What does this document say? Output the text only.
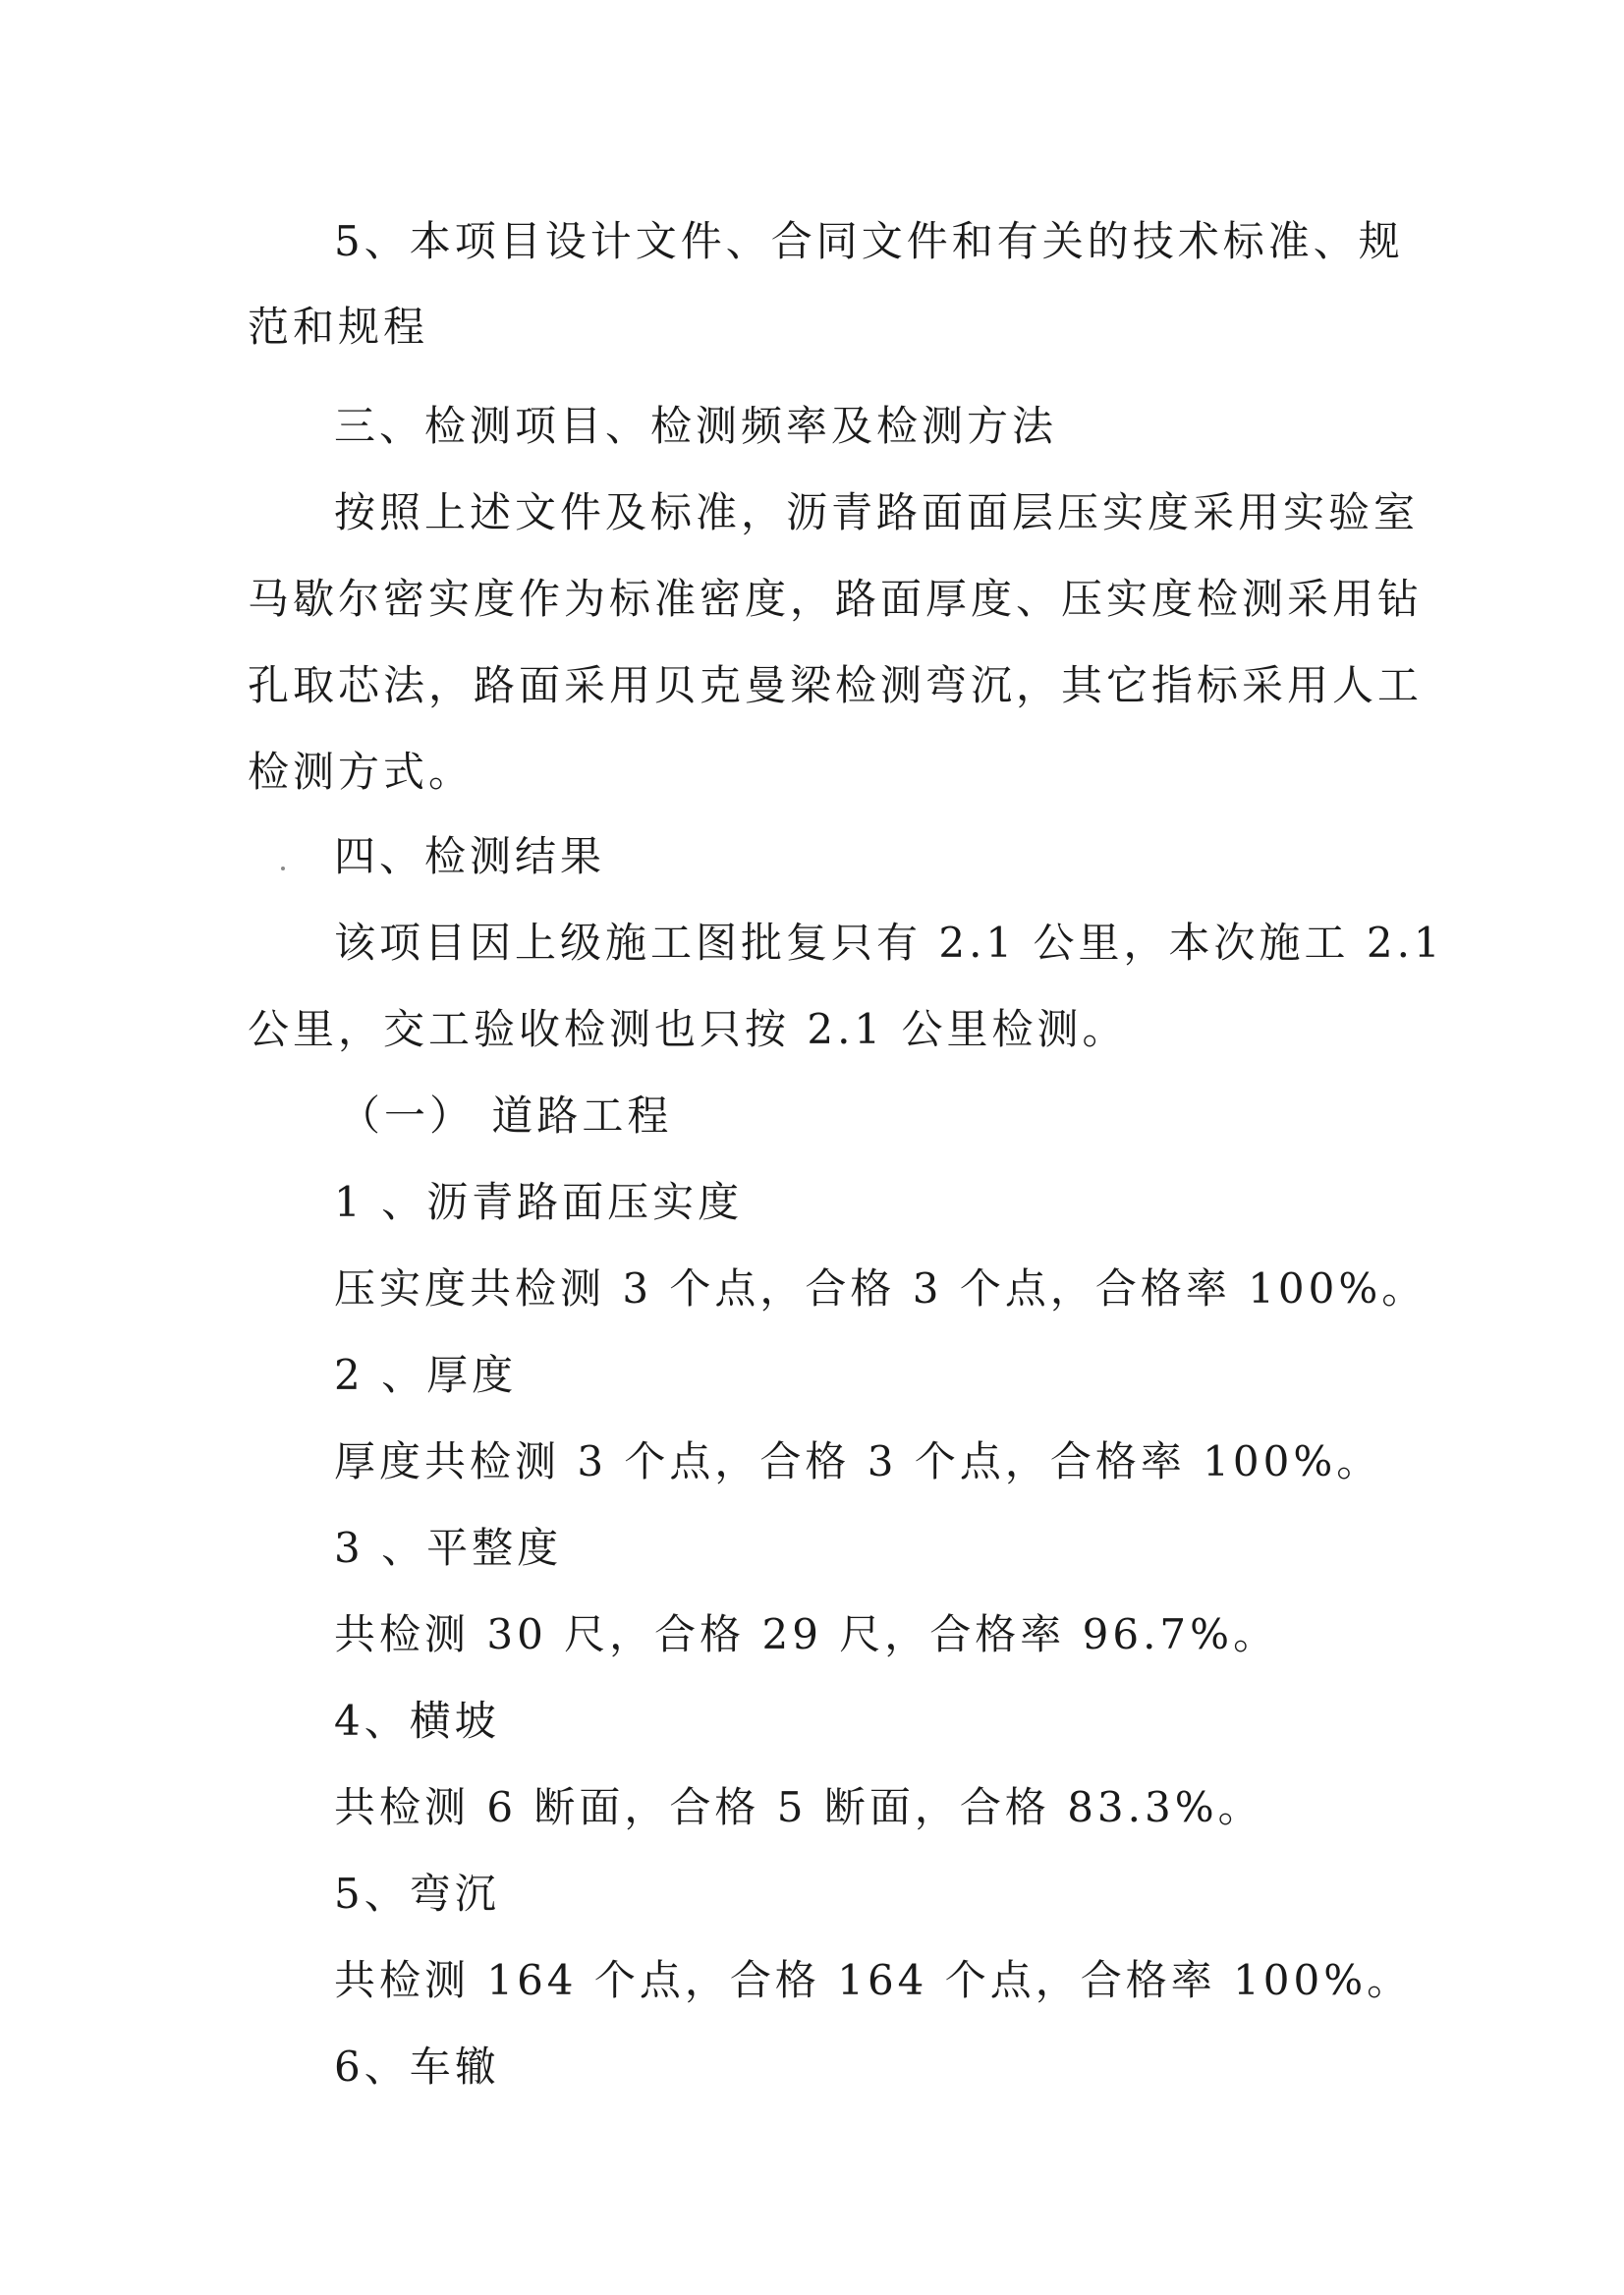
5、本项目设计文件、合同文件和有关的技术标准、规
范和规程
三、检测项目、检测频率及检测方法
按照上述文件及标准，沥青路面面层压实度采用实验室
马歇尔密实度作为标准密度，路面厚度、压实度检测采用钻
孔取芯法，路面采用贝克曼梁检测弯沉，其它指标采用人工
检测方式。
四、检测结果
该项目因上级施工图批复只有 2.1 公里，本次施工 2.1
公里，交工验收检测也只按 2.1 公里检测。
（一） 道路工程
1 、沥青路面压实度
压实度共检测 3 个点，合格 3 个点，合格率 100%。
2 、厚度
厚度共检测 3 个点，合格 3 个点，合格率 100%。
3 、平整度
共检测 30 尺，合格 29 尺，合格率 96.7%。
4、横坡
共检测 6 断面，合格 5 断面，合格 83.3%。
5、弯沉
共检测 164 个点，合格 164 个点，合格率 100%。
6、车辙
